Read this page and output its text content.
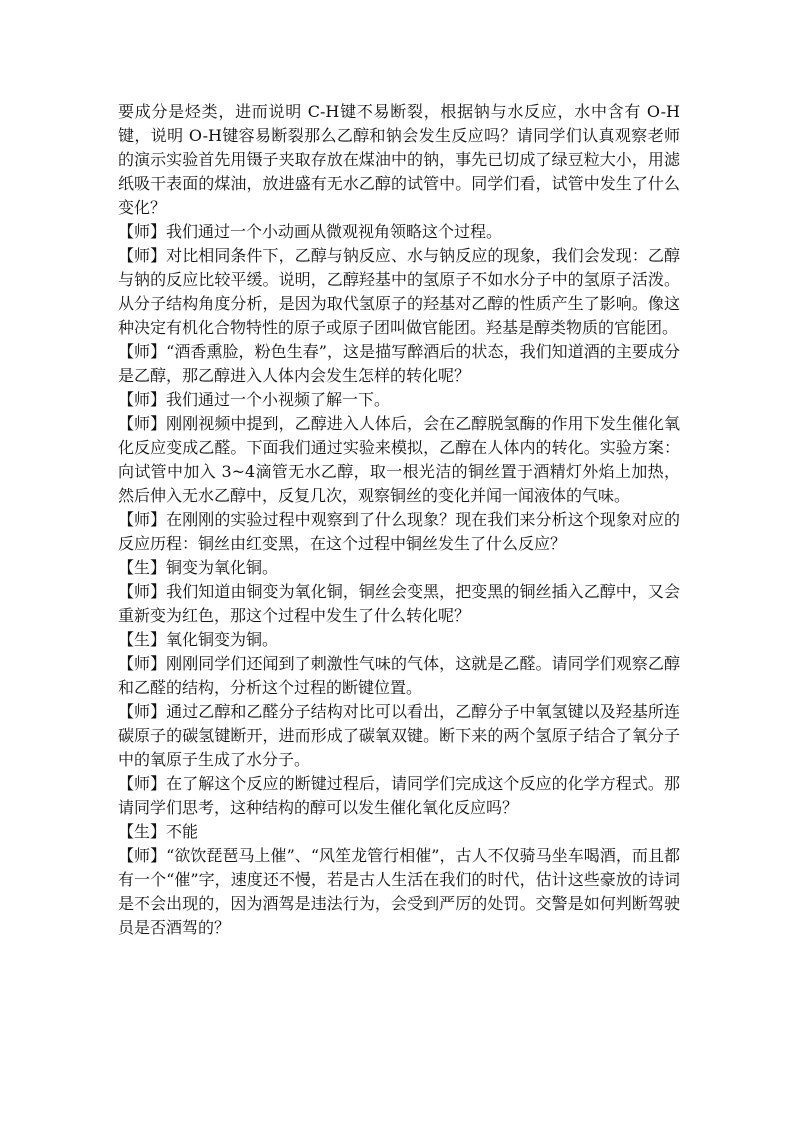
要成分是烃类，进而说明 C-H键不易断裂，根据钠与水反应，水中含有 O-H键，说明 O-H键容易断裂那么乙醇和钠会发生反应吗？请同学们认真观察老师的演示实验首先用镊子夹取存放在煤油中的钠，事先已切成了绿豆粒大小，用滤纸吸干表面的煤油，放进盛有无水乙醇的试管中。同学们看，试管中发生了什么变化？

【师】我们通过一个小动画从微观视角领略这个过程。

【师】对比相同条件下，乙醇与钠反应、水与钠反应的现象，我们会发现：乙醇与钠的反应比较平缓。说明，乙醇羟基中的氢原子不如水分子中的氢原子活泼。从分子结构角度分析，是因为取代氢原子的羟基对乙醇的性质产生了影响。像这种决定有机化合物特性的原子或原子团叫做官能团。羟基是醇类物质的官能团。

【师】“酒香熏脸，粉色生春”，这是描写醉酒后的状态，我们知道酒的主要成分是乙醇，那乙醇进入人体内会发生怎样的转化呢？

【师】我们通过一个小视频了解一下。

【师】刚刚视频中提到，乙醇进入人体后，会在乙醇脱氢酶的作用下发生催化氧化反应变成乙醛。下面我们通过实验来模拟，乙醇在人体内的转化。实验方案：向试管中加入 3~4滴管无水乙醇，取一根光洁的铜丝置于酒精灯外焰上加热，然后伸入无水乙醇中，反复几次，观察铜丝的变化并闻一闻液体的气味。

【师】在刚刚的实验过程中观察到了什么现象？现在我们来分析这个现象对应的反应历程：铜丝由红变黑，在这个过程中铜丝发生了什么反应？

【生】铜变为氧化铜。

【师】我们知道由铜变为氧化铜，铜丝会变黑，把变黑的铜丝插入乙醇中，又会重新变为红色，那这个过程中发生了什么转化呢？

【生】氧化铜变为铜。

【师】刚刚同学们还闻到了刺激性气味的气体，这就是乙醛。请同学们观察乙醇和乙醛的结构，分析这个过程的断键位置。

【师】通过乙醇和乙醛分子结构对比可以看出，乙醇分子中氧氢键以及羟基所连碳原子的碳氢键断开，进而形成了碳氧双键。断下来的两个氢原子结合了氧分子中的氧原子生成了水分子。

【师】在了解这个反应的断键过程后，请同学们完成这个反应的化学方程式。那请同学们思考，这种结构的醇可以发生催化氧化反应吗？

【生】不能

【师】“欲饮琵琶马上催”、“风笙龙管行相催”，古人不仅骑马坐车喝酒，而且都有一个“催”字，速度还不慢，若是古人生活在我们的时代，估计这些豪放的诗词是不会出现的，因为酒驾是违法行为，会受到严厉的处罚。交警是如何判断驾驶员是否酒驾的？
